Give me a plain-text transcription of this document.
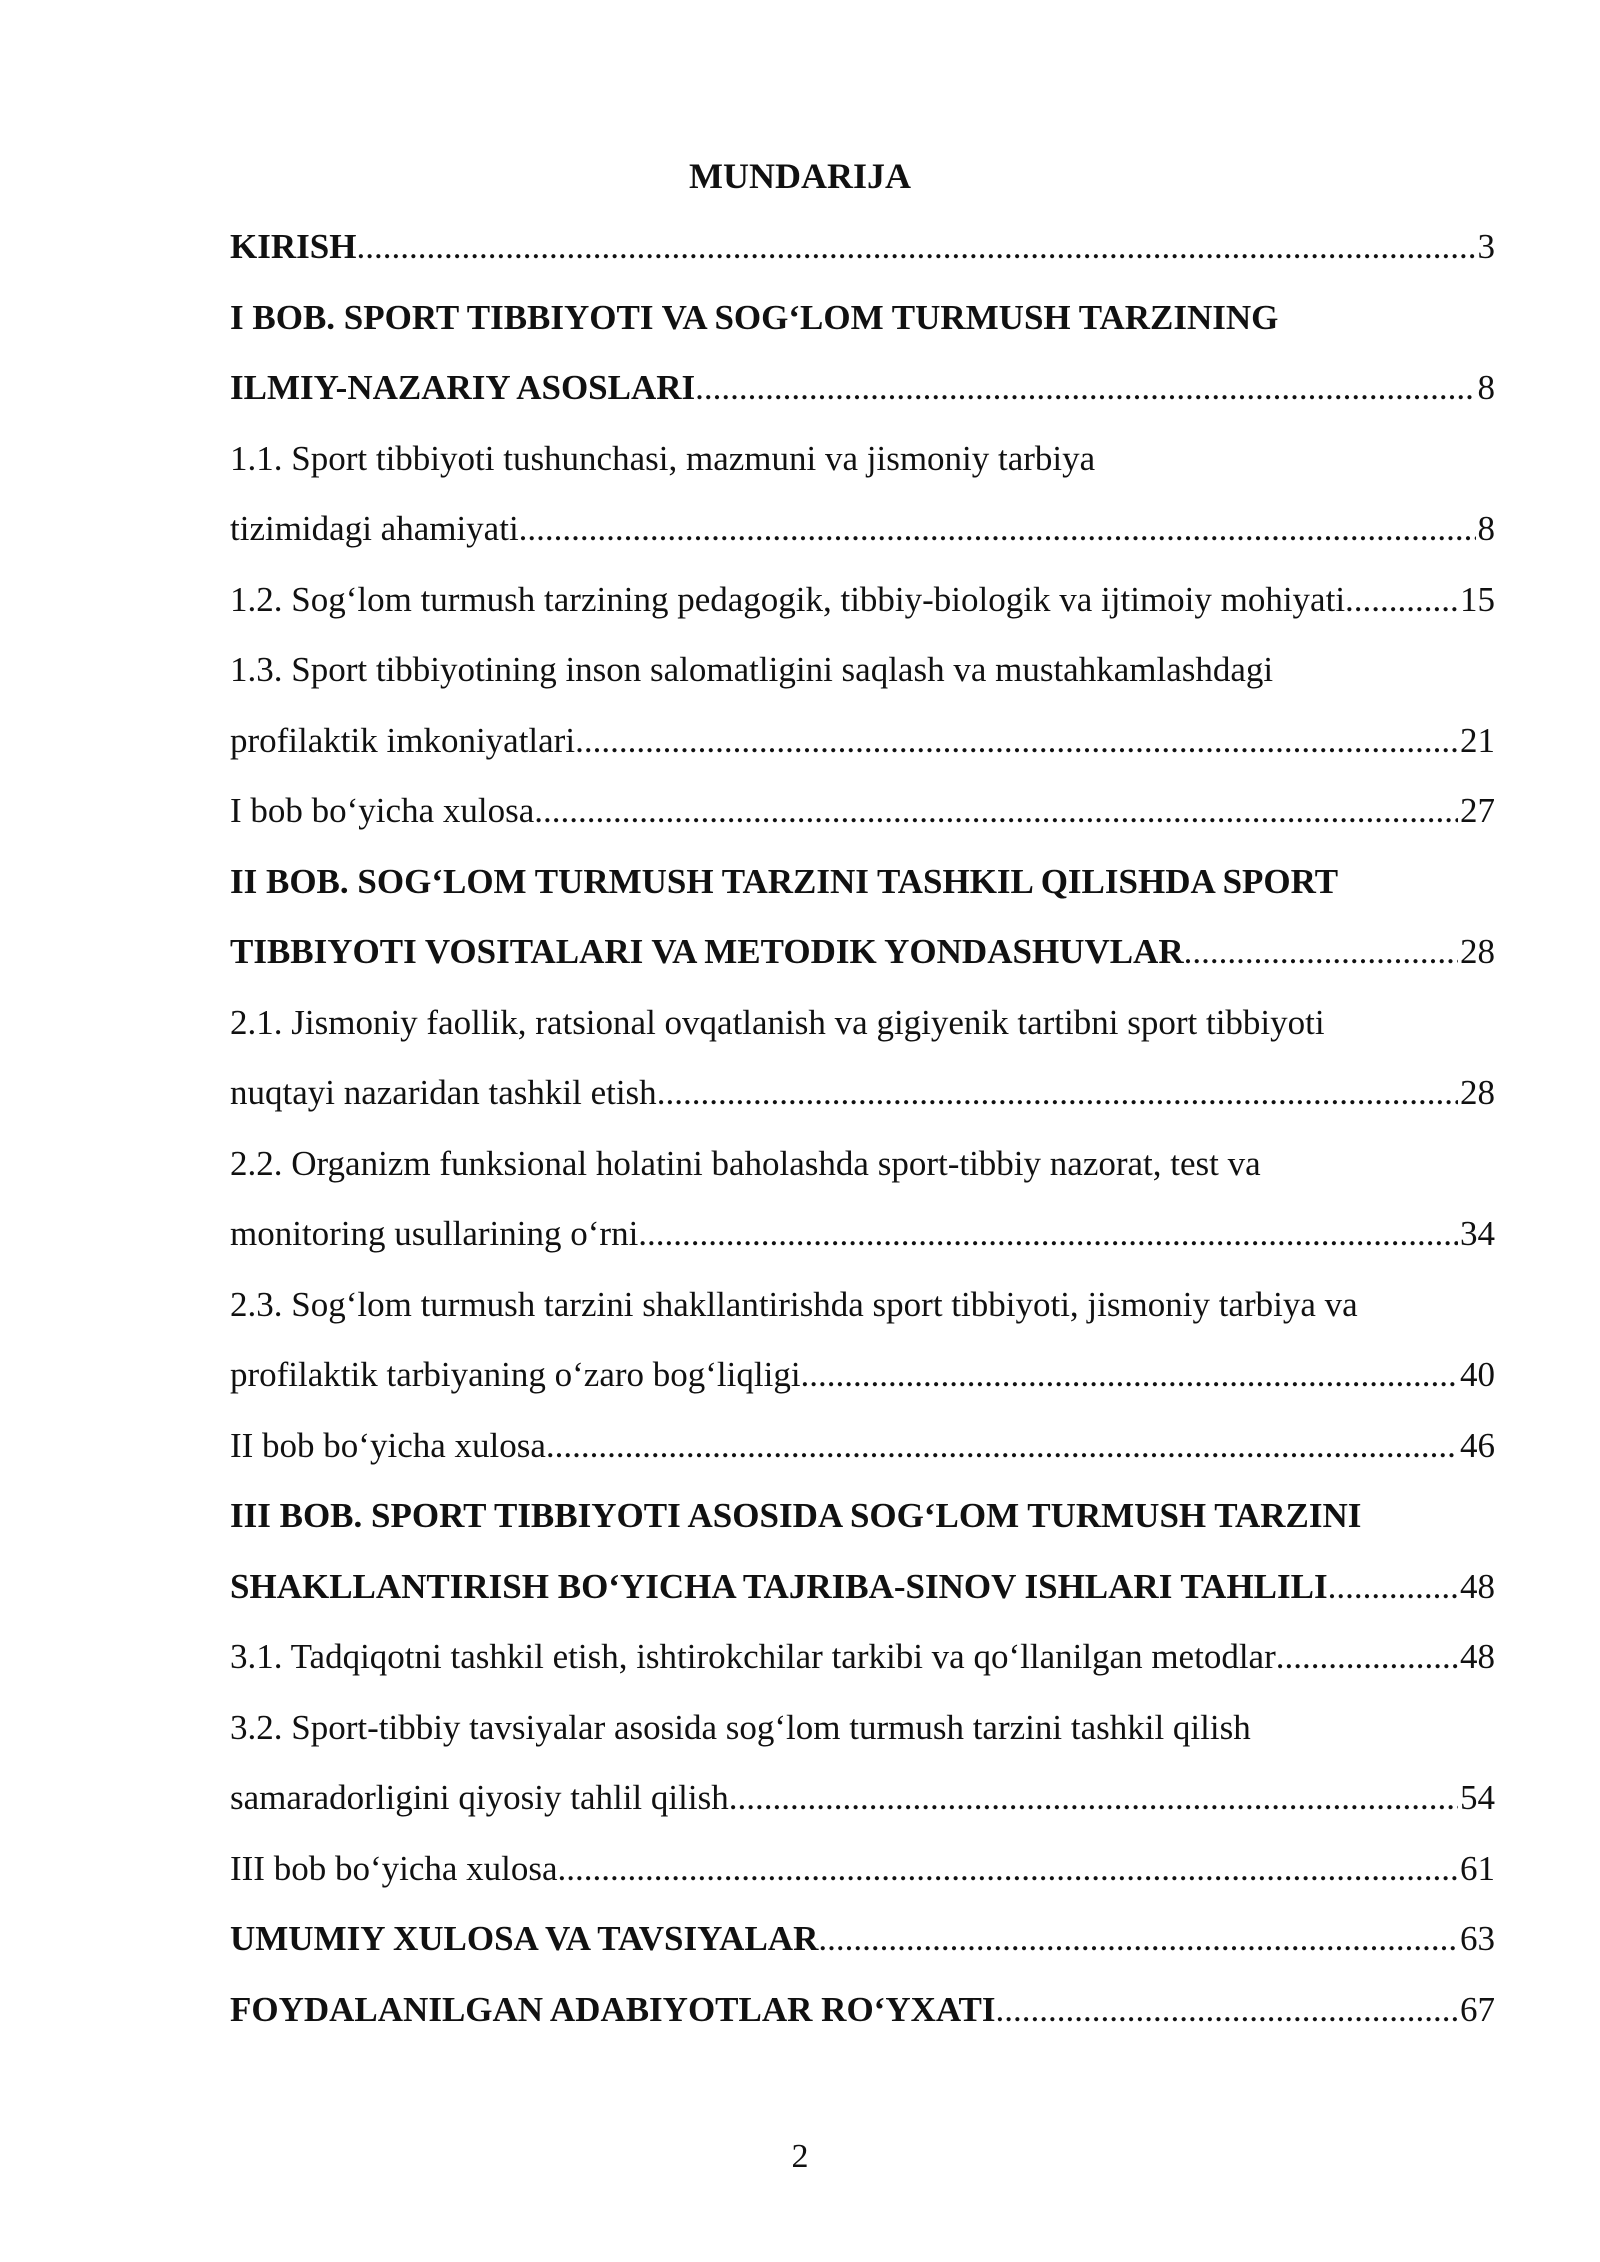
MUNDARIJA
KIRISH .....	3
I BOB. SPORT TIBBIYOTI VA SOG‘LOM TURMUSH TARZINING
ILMIY-NAZARIY ASOSLARI .....	8
1.1. Sport tibbiyoti tushunchasi, mazmuni va jismoniy tarbiya
tizimidagi ahamiyati .....	8
1.2. Sog‘lom turmush tarzining pedagogik, tibbiy-biologik va ijtimoiy mohiyati .....	15
1.3. Sport tibbiyotining inson salomatligini saqlash va mustahkamlashdagi
profilaktik imkoniyatlari .....	21
I bob bo‘yicha xulosa .....	27
II BOB. SOG‘LOM TURMUSH TARZINI TASHKIL QILISHDA SPORT
TIBBIYOTI VOSITALARI VA METODIK YONDASHUVLAR .....	28
2.1. Jismoniy faollik, ratsional ovqatlanish va gigiyenik tartibni sport tibbiyoti
nuqtayi nazaridan tashkil etish .....	28
2.2. Organizm funksional holatini baholashda sport-tibbiy nazorat, test va
monitoring usullarining o‘rni .....	34
2.3. Sog‘lom turmush tarzini shakllantirishda sport tibbiyoti, jismoniy tarbiya va
profilaktik tarbiyaning o‘zaro bog‘liqligi .....	40
II bob bo‘yicha xulosa .....	46
III BOB. SPORT TIBBIYOTI ASOSIDA SOG‘LOM TURMUSH TARZINI
SHAKLLANTIRISH BO‘YICHA TAJRIBA-SINOV ISHLARI TAHLILI .....	48
3.1. Tadqiqotni tashkil etish, ishtirokchilar tarkibi va qo‘llanilgan metodlar .....	48
3.2. Sport-tibbiy tavsiyalar asosida sog‘lom turmush tarzini tashkil qilish
samaradorligini qiyosiy tahlil qilish .....	54
III bob bo‘yicha xulosa .....	61
UMUMIY XULOSA VA TAVSIYALAR .....	63
FOYDALANILGAN ADABIYOTLAR RO‘YXATI .....	67
2
